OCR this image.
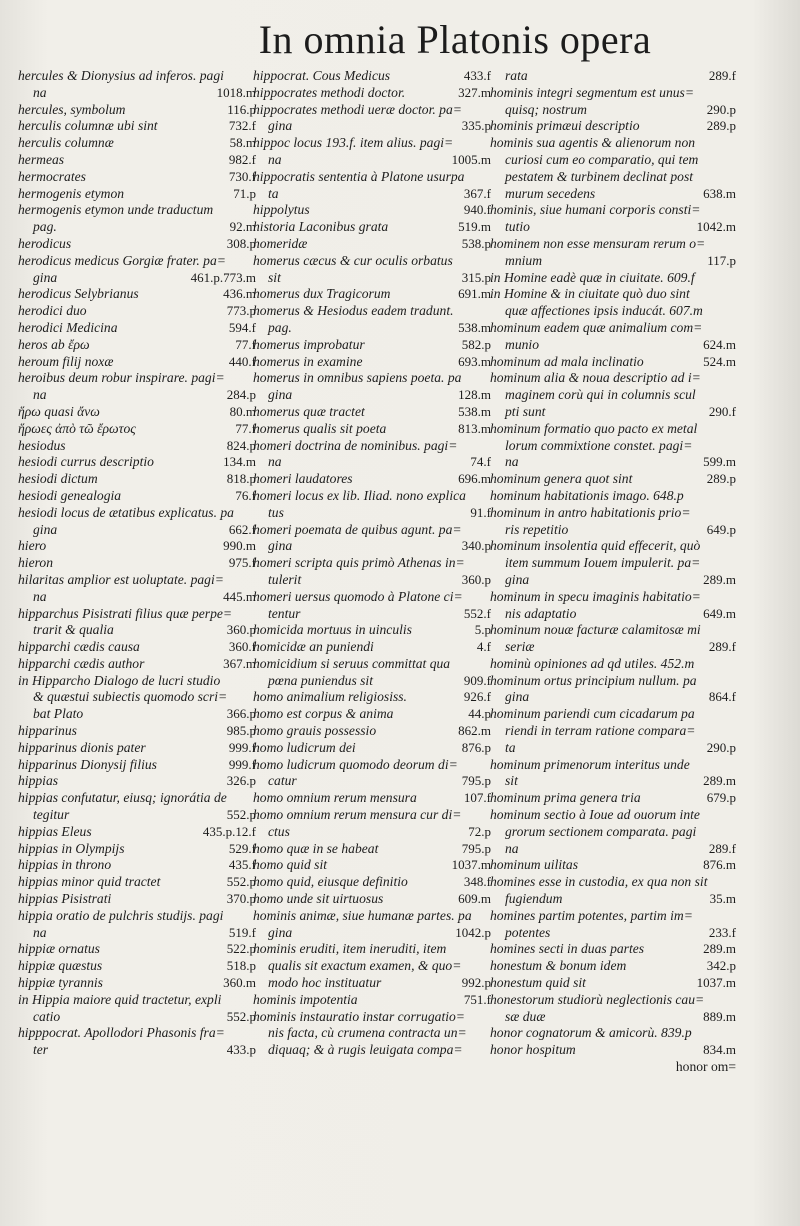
In omnia Platonis opera
hercules & Dionysius ad inferos. pagi
na	1018.m
hercules, symbolum	116.p
herculis columnæ ubi sint	732.f
herculis columnæ	58.m
hermeas	982.f
hermocrates	730.f
hermogenis etymon	71.p
hermogenis etymon unde traductum
pag.	92.m
herodicus	308.p
herodicus medicus Gorgiæ frater. pa=
gina	461.p.773.m
herodicus Selybrianus	436.m
herodici duo	773.p
herodici Medicina	594.f
heros ab ἔρω	77.f
heroum filij noxæ	440.f
heroibus deum robur inspirare. pagi=
na	284.p
ἥρω quasi ἄνω	80.m
ἥρωες ἀπὸ τῶ ἔρωτος	77.f
hesiodus	824.p
hesiodi currus descriptio	134.m
hesiodi dictum	818.p
hesiodi genealogia	76.f
hesiodi locus de ætatibus explicatus. pa
gina	662.f
hiero	990.m
hieron	975.f
hilaritas amplior est uoluptate. pagi=
na	445.m
hipparchus Pisistrati filius quæ perpe=
trarit & qualia	360.p
hipparchi cædis causa	360.f
hipparchi cædis author	367.m
in Hipparcho Dialogo de lucri studio
& quæstui subiectis quomodo scri=
bat Plato	366.p
hipparinus	985.p
hipparinus dionis pater	999.f
hipparinus Dionysij filius	999.f
hippias	326.p
hippias confutatur, eiusq; ignorátia de
tegitur	552.p
hippias Eleus	435.p.12.f
hippias in Olympijs	529.f
hippias in throno	435.f
hippias minor quid tractet	552.p
hippias Pisistrati	370.p
hippia oratio de pulchris studijs. pagi
na	519.f
hippiæ ornatus	522.p
hippiæ quæstus	518.p
hippiæ tyrannis	360.m
in Hippia maiore quid tractetur, expli
catio	552.p
hipppocrat. Apollodori Phasonis fra=
ter	433.p
hippocrat. Cous Medicus	433.f
hippocrates methodi doctor.	327.m
hippocrates methodi ueræ doctor. pa=
gina	335.p
hippoc locus 193.f. item alius. pagi=
na	1005.m
hippocratis sententia à Platone usurpa
ta	367.f
hippolytus	940.f
historia Laconibus grata	519.m
homeridæ	538.p
homerus cæcus & cur oculis orbatus
sit	315.p
homerus dux Tragicorum	691.m
homerus & Hesiodus eadem tradunt.
pag.	538.m
homerus improbatur	582.p
homerus in examine	693.m
homerus in omnibus sapiens poeta. pa
gina	128.m
homerus quæ tractet	538.m
homerus qualis sit poeta	813.m
homeri doctrina de nominibus. pagi=
na	74.f
homeri laudatores	696.m
homeri locus ex lib. Iliad. nono explica
tus	91.f
homeri poemata de quibus agunt. pa=
gina	340.p
homeri scripta quis primò Athenas in=
tulerit	360.p
homeri uersus quomodo à Platone ci=
tentur	552.f
homicida mortuus in uinculis	5.p
homicidæ an puniendi	4.f
homicidium si seruus committat qua
pœna puniendus sit	909.f
homo animalium religiosiss.	926.f
homo est corpus & anima	44.p
homo grauis possessio	862.m
homo ludicrum dei	876.p
homo ludicrum quomodo deorum di=
catur	795.p
homo omnium rerum mensura	107.f
homo omnium rerum mensura cur di=
ctus	72.p
homo quæ in se habeat	795.p
homo quid sit	1037.m
homo quid, eiusque definitio	348.f
homo unde sit uirtuosus	609.m
hominis animæ, siue humanæ partes. pa
gina	1042.p
hominis eruditi, item ineruditi, item
qualis sit exactum examen, & quo=
modo hoc instituatur	992.p
hominis impotentia	751.f
hominis instauratio instar corrugatio=
nis facta, cù crumena contracta un=
diquaq; & à rugis leuigata compa=
rata	289.f
hominis integri segmentum est unus=
quisq; nostrum	290.p
hominis primæui descriptio	289.p
hominis sua agentis & alienorum non
curiosi cum eo comparatio, qui tem
pestatem & turbinem declinat post
murum secedens	638.m
hominis, siue humani corporis consti=
tutio	1042.m
hominem non esse mensuram rerum o=
mnium	117.p
in Homine eadè quæ in ciuitate. 609.f
in Homine & in ciuitate quò duo sint
quæ affectiones ipsis inducát. 607.m
hominum eadem quæ animalium com=
munio	624.m
hominum ad mala inclinatio	524.m
hominum alia & noua descriptio ad i=
maginem corù qui in columnis scul
pti sunt	290.f
hominum formatio quo pacto ex metal
lorum commixtione constet. pagi=
na	599.m
hominum genera quot sint	289.p
hominum habitationis imago. 648.p
hominum in antro habitationis prio=
ris repetitio	649.p
hominum insolentia quid effecerit, quò
item summum Iouem impulerit. pa=
gina	289.m
hominum in specu imaginis habitatio=
nis adaptatio	649.m
hominum nouæ facturæ calamitosæ mi
seriæ	289.f
hominù opiniones ad qd utiles. 452.m
hominum ortus principium nullum. pa
gina	864.f
hominum pariendi cum cicadarum pa
riendi in terram ratione compara=
ta	290.p
hominum primenorum interitus unde
sit	289.m
hominum prima genera tria	679.p
hominum sectio à Ioue ad ouorum inte
grorum sectionem comparata. pagi
na	289.f
hominum uilitas	876.m
homines esse in custodia, ex qua non sit
fugiendum	35.m
homines partim potentes, partim im=
potentes	233.f
homines secti in duas partes	289.m
honestum & bonum idem	342.p
honestum quid sit	1037.m
honestorum studiorù neglectionis cau=
sæ duæ	889.m
honor cognatorum & amicorù. 839.p
honor hospitum	834.m
honor om=
